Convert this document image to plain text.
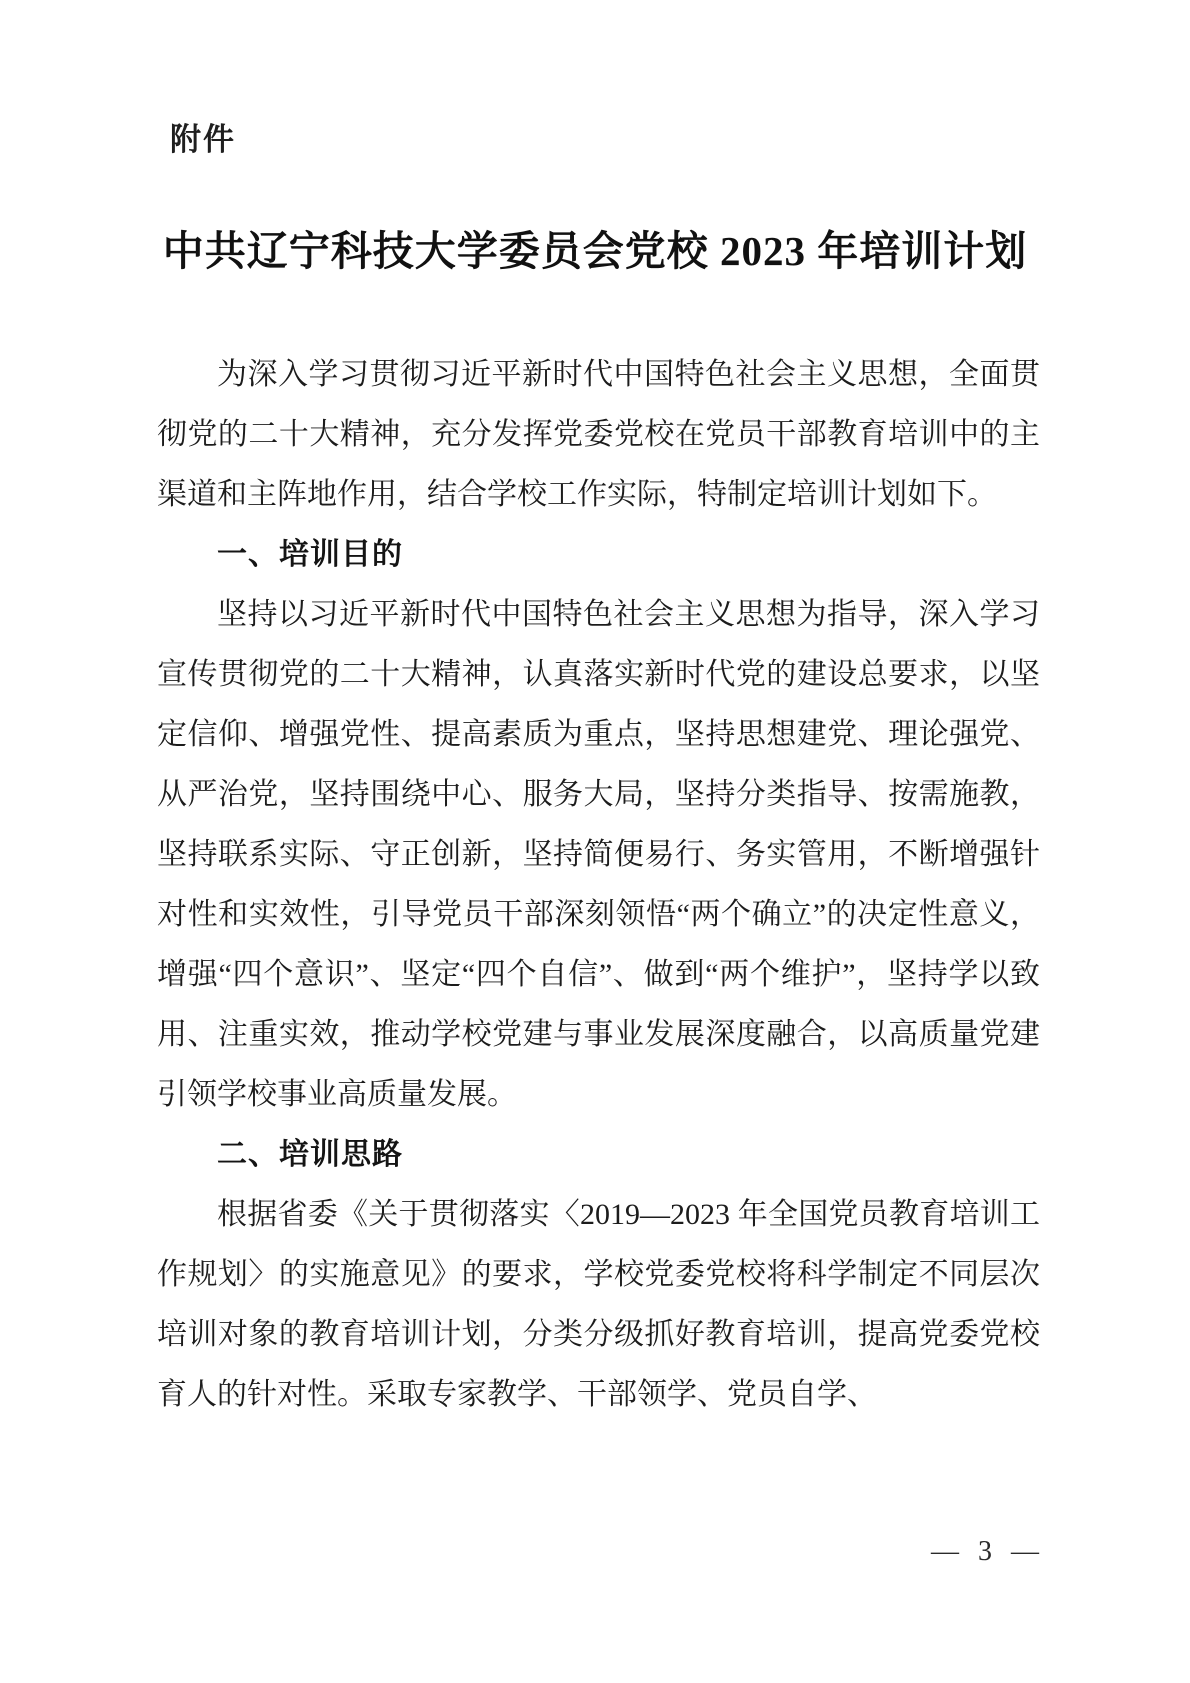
附件
中共辽宁科技大学委员会党校 2023 年培训计划

为深入学习贯彻习近平新时代中国特色社会主义思想，全面贯彻党的二十大精神，充分发挥党委党校在党员干部教育培训中的主渠道和主阵地作用，结合学校工作实际，特制定培训计划如下。

一、培训目的

坚持以习近平新时代中国特色社会主义思想为指导，深入学习宣传贯彻党的二十大精神，认真落实新时代党的建设总要求，以坚定信仰、增强党性、提高素质为重点，坚持思想建党、理论强党、从严治党，坚持围绕中心、服务大局，坚持分类指导、按需施教，坚持联系实际、守正创新，坚持简便易行、务实管用，不断增强针对性和实效性，引导党员干部深刻领悟“两个确立”的决定性意义，增强“四个意识”、坚定“四个自信”、做到“两个维护”，坚持学以致用、注重实效，推动学校党建与事业发展深度融合，以高质量党建引领学校事业高质量发展。

二、培训思路

根据省委《关于贯彻落实〈2019—2023 年全国党员教育培训工作规划〉的实施意见》的要求，学校党委党校将科学制定不同层次培训对象的教育培训计划，分类分级抓好教育培训，提高党委党校育人的针对性。采取专家教学、干部领学、党员自学、

— 3 —
